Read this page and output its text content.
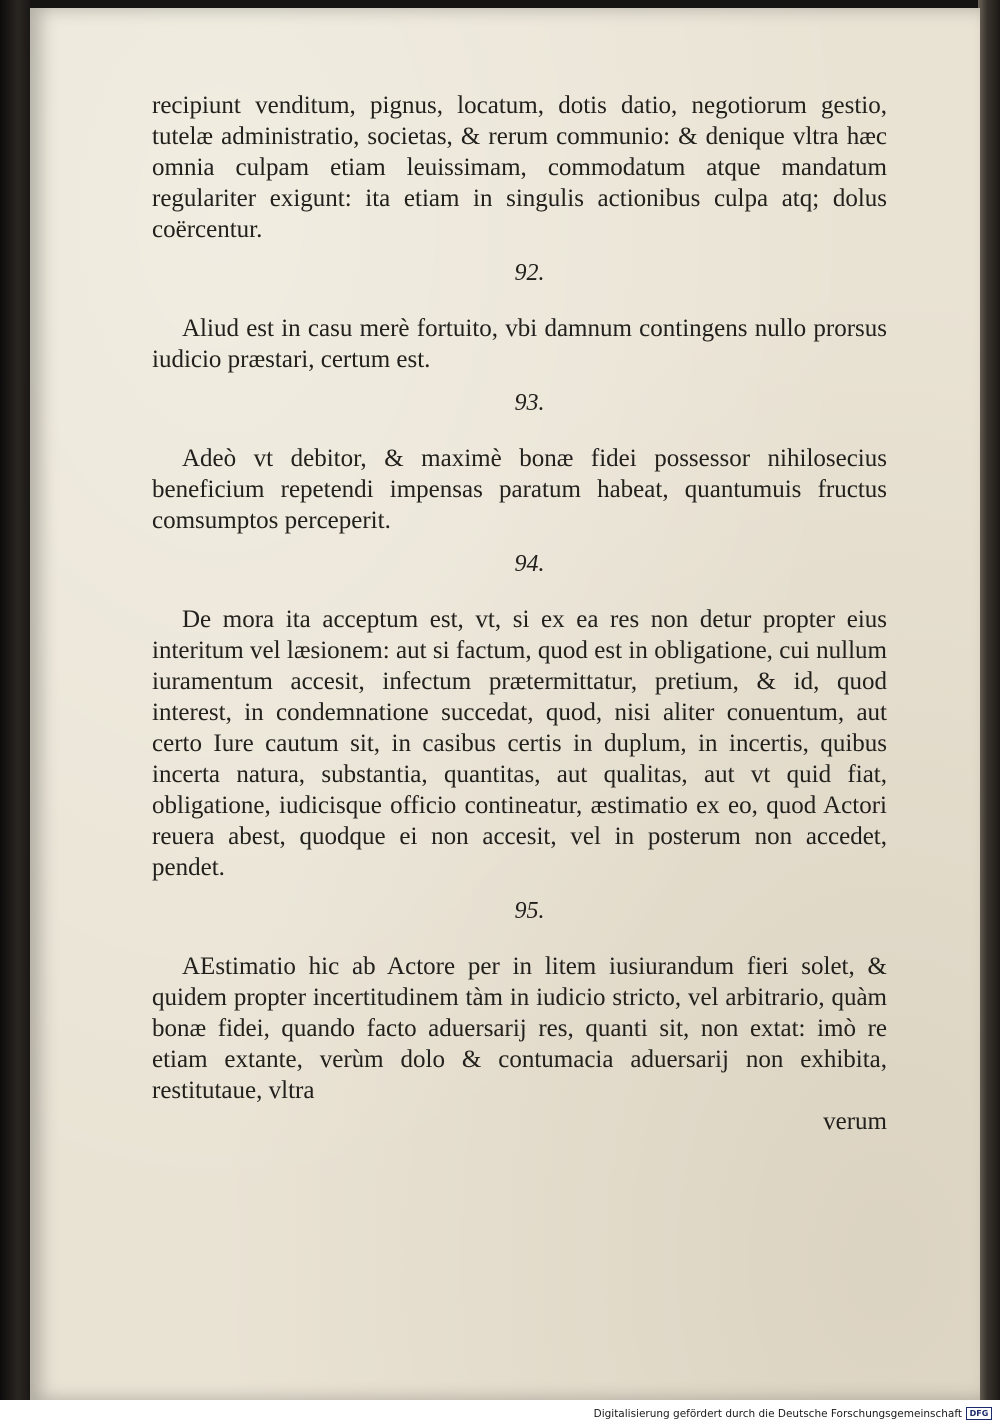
recipiunt venditum, pignus, locatum, dotis datio, negotiorum gestio, tutelæ administratio, societas, & rerum communio: & denique vltra hæc omnia culpam etiam leuissimam, commodatum atque mandatum regulariter exigunt: ita etiam in singulis actionibus culpa atq; dolus coërcentur.

92.

Aliud est in casu merè fortuito, vbi damnum contingens nullo prorsus iudicio præstari, certum est.

93.

Adeò vt debitor, & maximè bonæ fidei possessor nihilosecius beneficium repetendi impensas paratum habeat, quantumuis fructus comsumptos perceperit.

94.

De mora ita acceptum est, vt, si ex ea res non detur propter eius interitum vel læsionem: aut si factum, quod est in obligatione, cui nullum iuramentum accesit, infectum prætermittatur, pretium, & id, quod interest, in condemnatione succedat, quod, nisi aliter conuentum, aut certo Iure cautum sit, in casibus certis in duplum, in incertis, quibus incerta natura, substantia, quantitas, aut qualitas, aut vt quid fiat, obligatione, iudicisque officio contineatur, æstimatio ex eo, quod Actori reuera abest, quodque ei non accesit, vel in posterum non accedet, pendet.

95.

AEstimatio hic ab Actore per in litem iusiurandum fieri solet, & quidem propter incertitudinem tàm in iudicio stricto, vel arbitrario, quàm bonæ fidei, quando facto aduersarij res, quanti sit, non extat: imò re etiam extante, verùm dolo & contumacia aduersarij non exhibita, restitutaue, vltra

verum

Digitalisierung gefördert durch die Deutsche Forschungsgemeinschaft DFG
